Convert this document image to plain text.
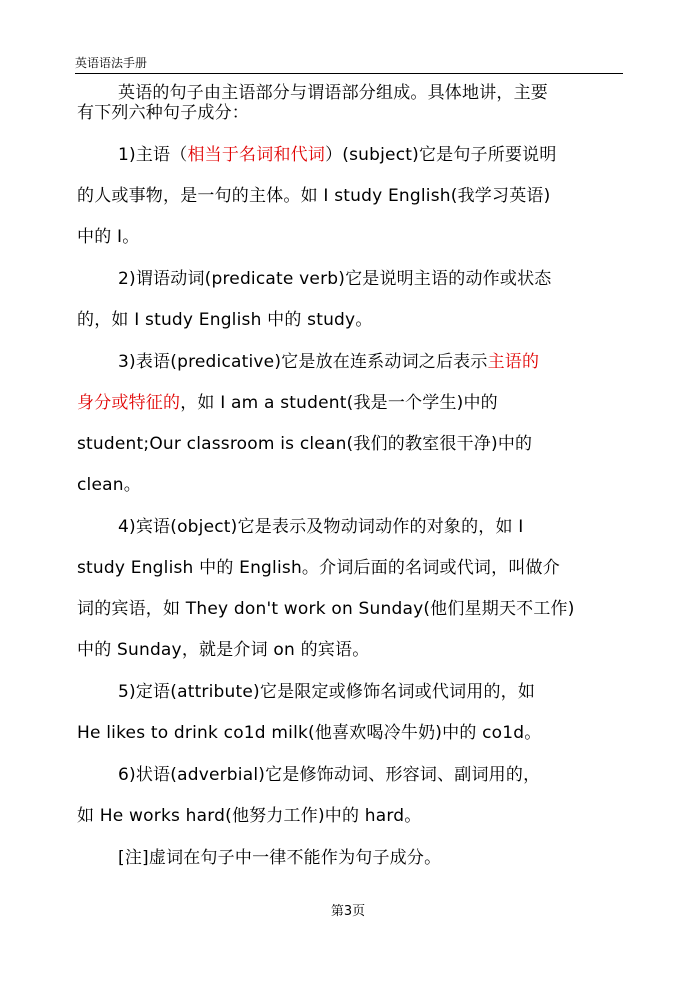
英语语法手册

英语的句子由主语部分与谓语部分组成。具体地讲，主要

有下列六种句子成分：

1)主语（相当于名词和代词）(subject)它是句子所要说明

的人或事物，是一句的主体。如 I study English(我学习英语)

中的 I。

2)谓语动词(predicate verb)它是说明主语的动作或状态

的，如 I study English 中的 study。

3)表语(predicative)它是放在连系动词之后表示主语的

身分或特征的，如 I am a student(我是一个学生)中的

student;Our classroom is clean(我们的教室很干净)中的

clean。

4)宾语(object)它是表示及物动词动作的对象的，如 I

study English 中的 English。介词后面的名词或代词，叫做介

词的宾语，如 They don't work on Sunday(他们星期天不工作)

中的 Sunday，就是介词 on 的宾语。

5)定语(attribute)它是限定或修饰名词或代词用的，如

He likes to drink co1d milk(他喜欢喝冷牛奶)中的 co1d。

6)状语(adverbial)它是修饰动词、形容词、副词用的，

如 He works hard(他努力工作)中的 hard。

[注]虚词在句子中一律不能作为句子成分。

第3页
